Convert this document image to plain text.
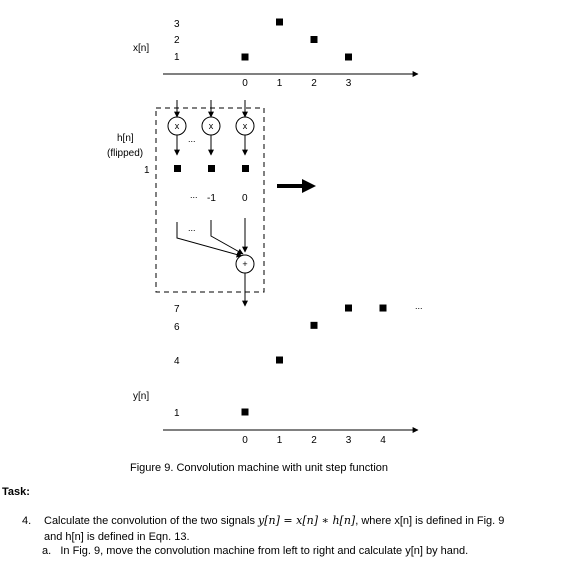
x[n]
3
2
1
0	1	2	3
h[n]
(flipped)
1
x	x	x
...
... -1	0
...
+
y[n]
7
6
4
1
...
0	1	2	3	4
Figure 9. Convolution machine with unit step function
Task:
4. Calculate the convolution of the two signals y[n] = x[n] ∗ h[n], where x[n] is defined in Fig. 9
and h[n] is defined in Eqn. 13.
a. In Fig. 9, move the convolution machine from left to right and calculate y[n] by hand.
